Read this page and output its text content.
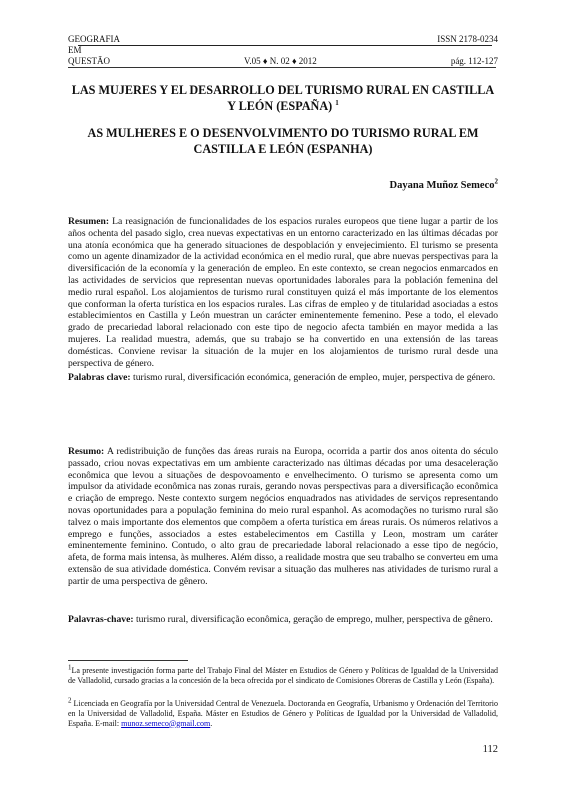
GEOGRAFIA
EM
ISSN 2178-0234
QUESTÃO	V.05 ♦ N. 02 ♦ 2012	pág. 112-127
LAS MUJERES Y EL DESARROLLO DEL TURISMO RURAL EN CASTILLA Y LEÓN (ESPAÑA) $^1$
AS MULHERES E O DESENVOLVIMENTO DO TURISMO RURAL EM CASTILLA E LEÓN (ESPANHA)
Dayana Muñoz Semeco$^2$
Resumen: La reasignación de funcionalidades de los espacios rurales europeos que tiene lugar a partir de los años ochenta del pasado siglo, crea nuevas expectativas en un entorno caracterizado en las últimas décadas por una atonía económica que ha generado situaciones de despoblación y envejecimiento. El turismo se presenta como un agente dinamizador de la actividad económica en el medio rural, que abre nuevas perspectivas para la diversificación de la economía y la generación de empleo. En este contexto, se crean negocios enmarcados en las actividades de servicios que representan nuevas oportunidades laborales para la población femenina del medio rural español. Los alojamientos de turismo rural constituyen quizá el más importante de los elementos que conforman la oferta turística en los espacios rurales. Las cifras de empleo y de titularidad asociadas a estos establecimientos en Castilla y León muestran un carácter eminentemente femenino. Pese a todo, el elevado grado de precariedad laboral relacionado con este tipo de negocio afecta también en mayor medida a las mujeres. La realidad muestra, además, que su trabajo se ha convertido en una extensión de las tareas domésticas. Conviene revisar la situación de la mujer en los alojamientos de turismo rural desde una perspectiva de género.
Palabras clave: turismo rural, diversificación económica, generación de empleo, mujer, perspectiva de género.
Resumo: A redistribuição de funções das áreas rurais na Europa, ocorrida a partir dos anos oitenta do século passado, criou novas expectativas em um ambiente caracterizado nas últimas décadas por uma desaceleração econômica que levou a situações de despovoamento e envelhecimento. O turismo se apresenta como um impulsor da atividade econômica nas zonas rurais, gerando novas perspectivas para a diversificação econômica e criação de emprego. Neste contexto surgem negócios enquadrados nas atividades de serviços representando novas oportunidades para a população feminina do meio rural espanhol. As acomodações no turismo rural são talvez o mais importante dos elementos que compõem a oferta turística em áreas rurais. Os números relativos a emprego e funções, associados a estes estabelecimentos em Castilla y Leon, mostram um caráter eminentemente feminino. Contudo, o alto grau de precariedade laboral relacionado a esse tipo de negócio, afeta, de forma mais intensa, às mulheres. Além disso, a realidade mostra que seu trabalho se converteu em uma extensão de sua atividade doméstica. Convém revisar a situação das mulheres nas atividades de turismo rural a partir de uma perspectiva de gênero.
Palavras-chave: turismo rural, diversificação econômica, geração de emprego, mulher, perspectiva de gênero.
$^1$La presente investigación forma parte del Trabajo Final del Máster en Estudios de Género y Políticas de Igualdad de la Universidad de Valladolid, cursado gracias a la concesión de la beca ofrecida por el sindicato de Comisiones Obreras de Castilla y León (España).
$^2$ Licenciada en Geografía por la Universidad Central de Venezuela. Doctoranda en Geografía, Urbanismo y Ordenación del Territorio en la Universidad de Valladolid, España. Máster en Estudios de Género y Políticas de Igualdad por la Universidad de Valladolid, España. E-mail: munoz.semeco@gmail.com.
112
